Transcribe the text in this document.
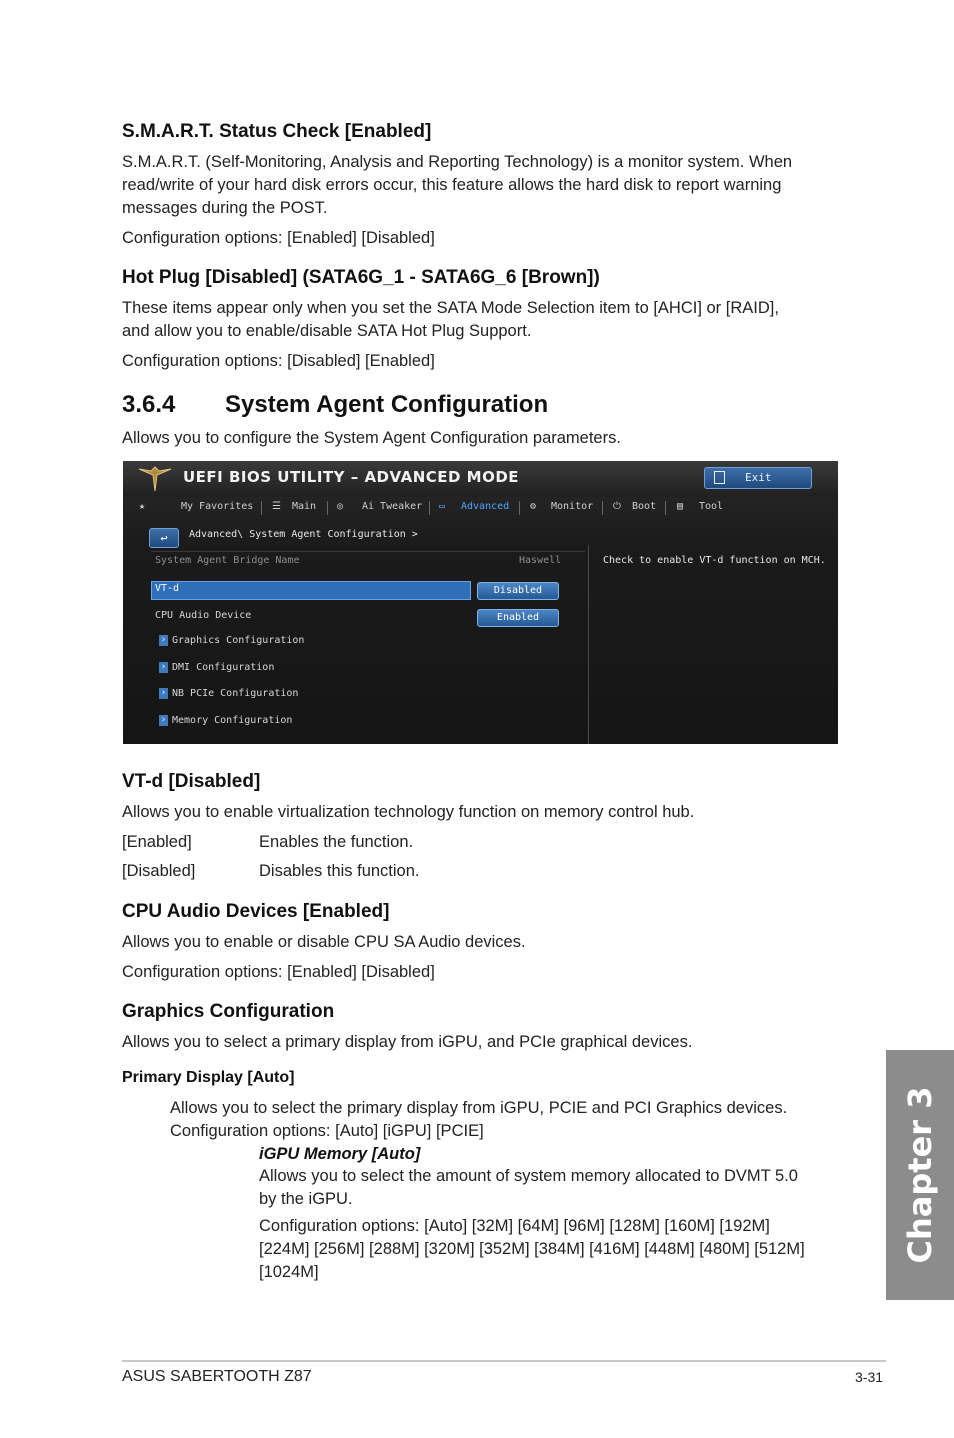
S.M.A.R.T. Status Check [Enabled]
S.M.A.R.T. (Self-Monitoring, Analysis and Reporting Technology) is a monitor system. When
read/write of your hard disk errors occur, this feature allows the hard disk to report warning
messages during the POST.
Configuration options: [Enabled] [Disabled]
Hot Plug [Disabled] (SATA6G_1 - SATA6G_6 [Brown])
These items appear only when you set the SATA Mode Selection item to [AHCI] or [RAID],
and allow you to enable/disable SATA Hot Plug Support.
Configuration options: [Disabled] [Enabled]
3.6.4 System Agent Configuration
Allows you to configure the System Agent Configuration parameters.
UEFI BIOS UTILITY – ADVANCED MODE	Exit
★	My Favorites ☰ Main ◎ Ai Tweaker ▭ Advanced ⚙ Monitor ⏻ Boot ▤ Tool
↩	Advanced\ System Agent Configuration >
System Agent Bridge Name	Haswell	Check to enable VT-d function on MCH.
VT-d	Disabled
CPU Audio Device	Enabled
› Graphics Configuration
› DMI Configuration
› NB PCIe Configuration
› Memory Configuration
VT-d [Disabled]
Allows you to enable virtualization technology function on memory control hub.
[Enabled]	Enables the function.
[Disabled]	Disables this function.
CPU Audio Devices [Enabled]
Allows you to enable or disable CPU SA Audio devices.
Configuration options: [Enabled] [Disabled]
Graphics Configuration
Allows you to select a primary display from iGPU, and PCIe graphical devices.
Primary Display [Auto]
Allows you to select the primary display from iGPU, PCIE and PCI Graphics devices.
Configuration options: [Auto] [iGPU] [PCIE]
iGPU Memory [Auto]
Allows you to select the amount of system memory allocated to DVMT 5.0
by the iGPU.
Configuration options: [Auto] [32M] [64M] [96M] [128M] [160M] [192M]
[224M] [256M] [288M] [320M] [352M] [384M] [416M] [448M] [480M] [512M]
[1024M]
Chapter 3
ASUS SABERTOOTH Z87	3-31
